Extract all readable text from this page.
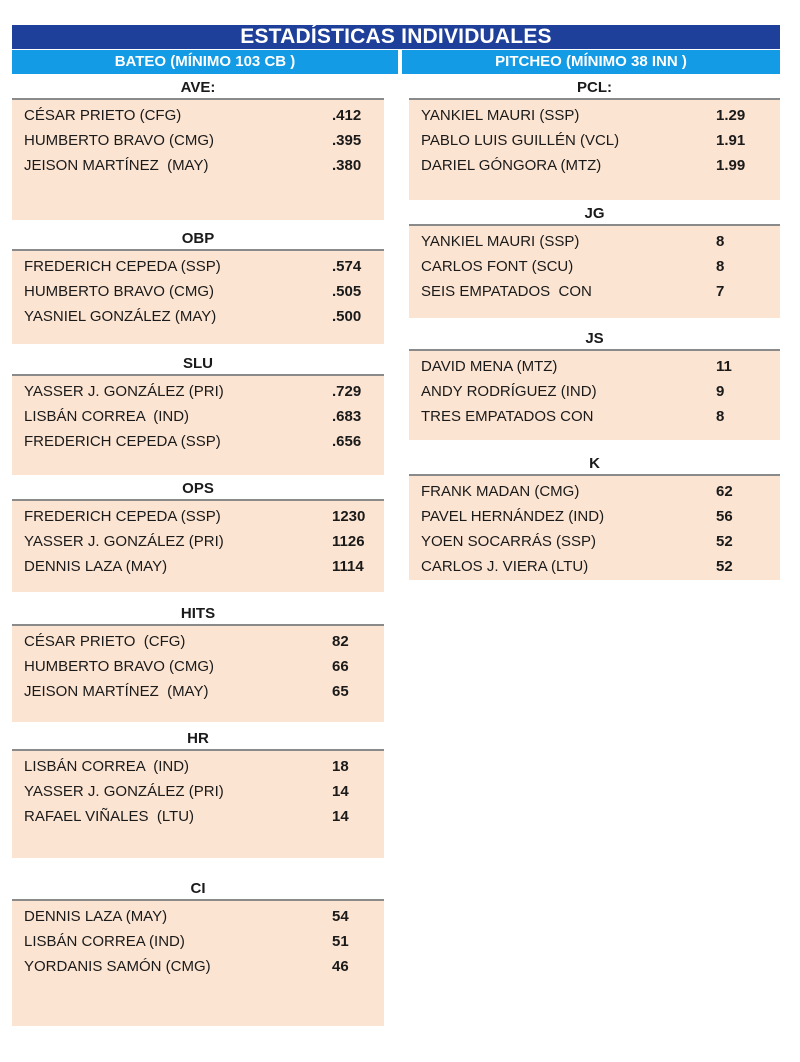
ESTADÍSTICAS INDIVIDUALES
BATEO (MÍNIMO 103 CB )	PITCHEO (MÍNIMO 38 INN )
AVE:
CÉSAR PRIETO (CFG)	.412
HUMBERTO BRAVO (CMG)	.395
JEISON MARTÍNEZ  (MAY)	.380
OBP
FREDERICH CEPEDA (SSP)	.574
HUMBERTO BRAVO (CMG)	.505
YASNIEL GONZÁLEZ (MAY)	.500
SLU
YASSER J. GONZÁLEZ (PRI)	.729
LISBÁN CORREA  (IND)	.683
FREDERICH CEPEDA (SSP)	.656
OPS
FREDERICH CEPEDA (SSP)	1230
YASSER J. GONZÁLEZ (PRI)	1126
DENNIS LAZA (MAY)	1114
HITS
CÉSAR PRIETO  (CFG)	82
HUMBERTO BRAVO (CMG)	66
JEISON MARTÍNEZ  (MAY)	65
HR
LISBÁN CORREA  (IND)	18
YASSER J. GONZÁLEZ (PRI)	14
RAFAEL VIÑALES  (LTU)	14
CI
DENNIS LAZA (MAY)	54
LISBÁN CORREA (IND)	51
YORDANIS SAMÓN (CMG)	46
PCL:
YANKIEL MAURI (SSP)	1.29
PABLO LUIS GUILLÉN (VCL)	1.91
DARIEL GÓNGORA (MTZ)	1.99
JG
YANKIEL MAURI (SSP)	8
CARLOS FONT (SCU)	8
SEIS EMPATADOS  CON	7
JS
DAVID MENA (MTZ)	11
ANDY RODRÍGUEZ (IND)	9
TRES EMPATADOS CON	8
K
FRANK MADAN (CMG)	62
PAVEL HERNÁNDEZ (IND)	56
YOEN SOCARRÁS (SSP)	52
CARLOS J. VIERA (LTU)	52
